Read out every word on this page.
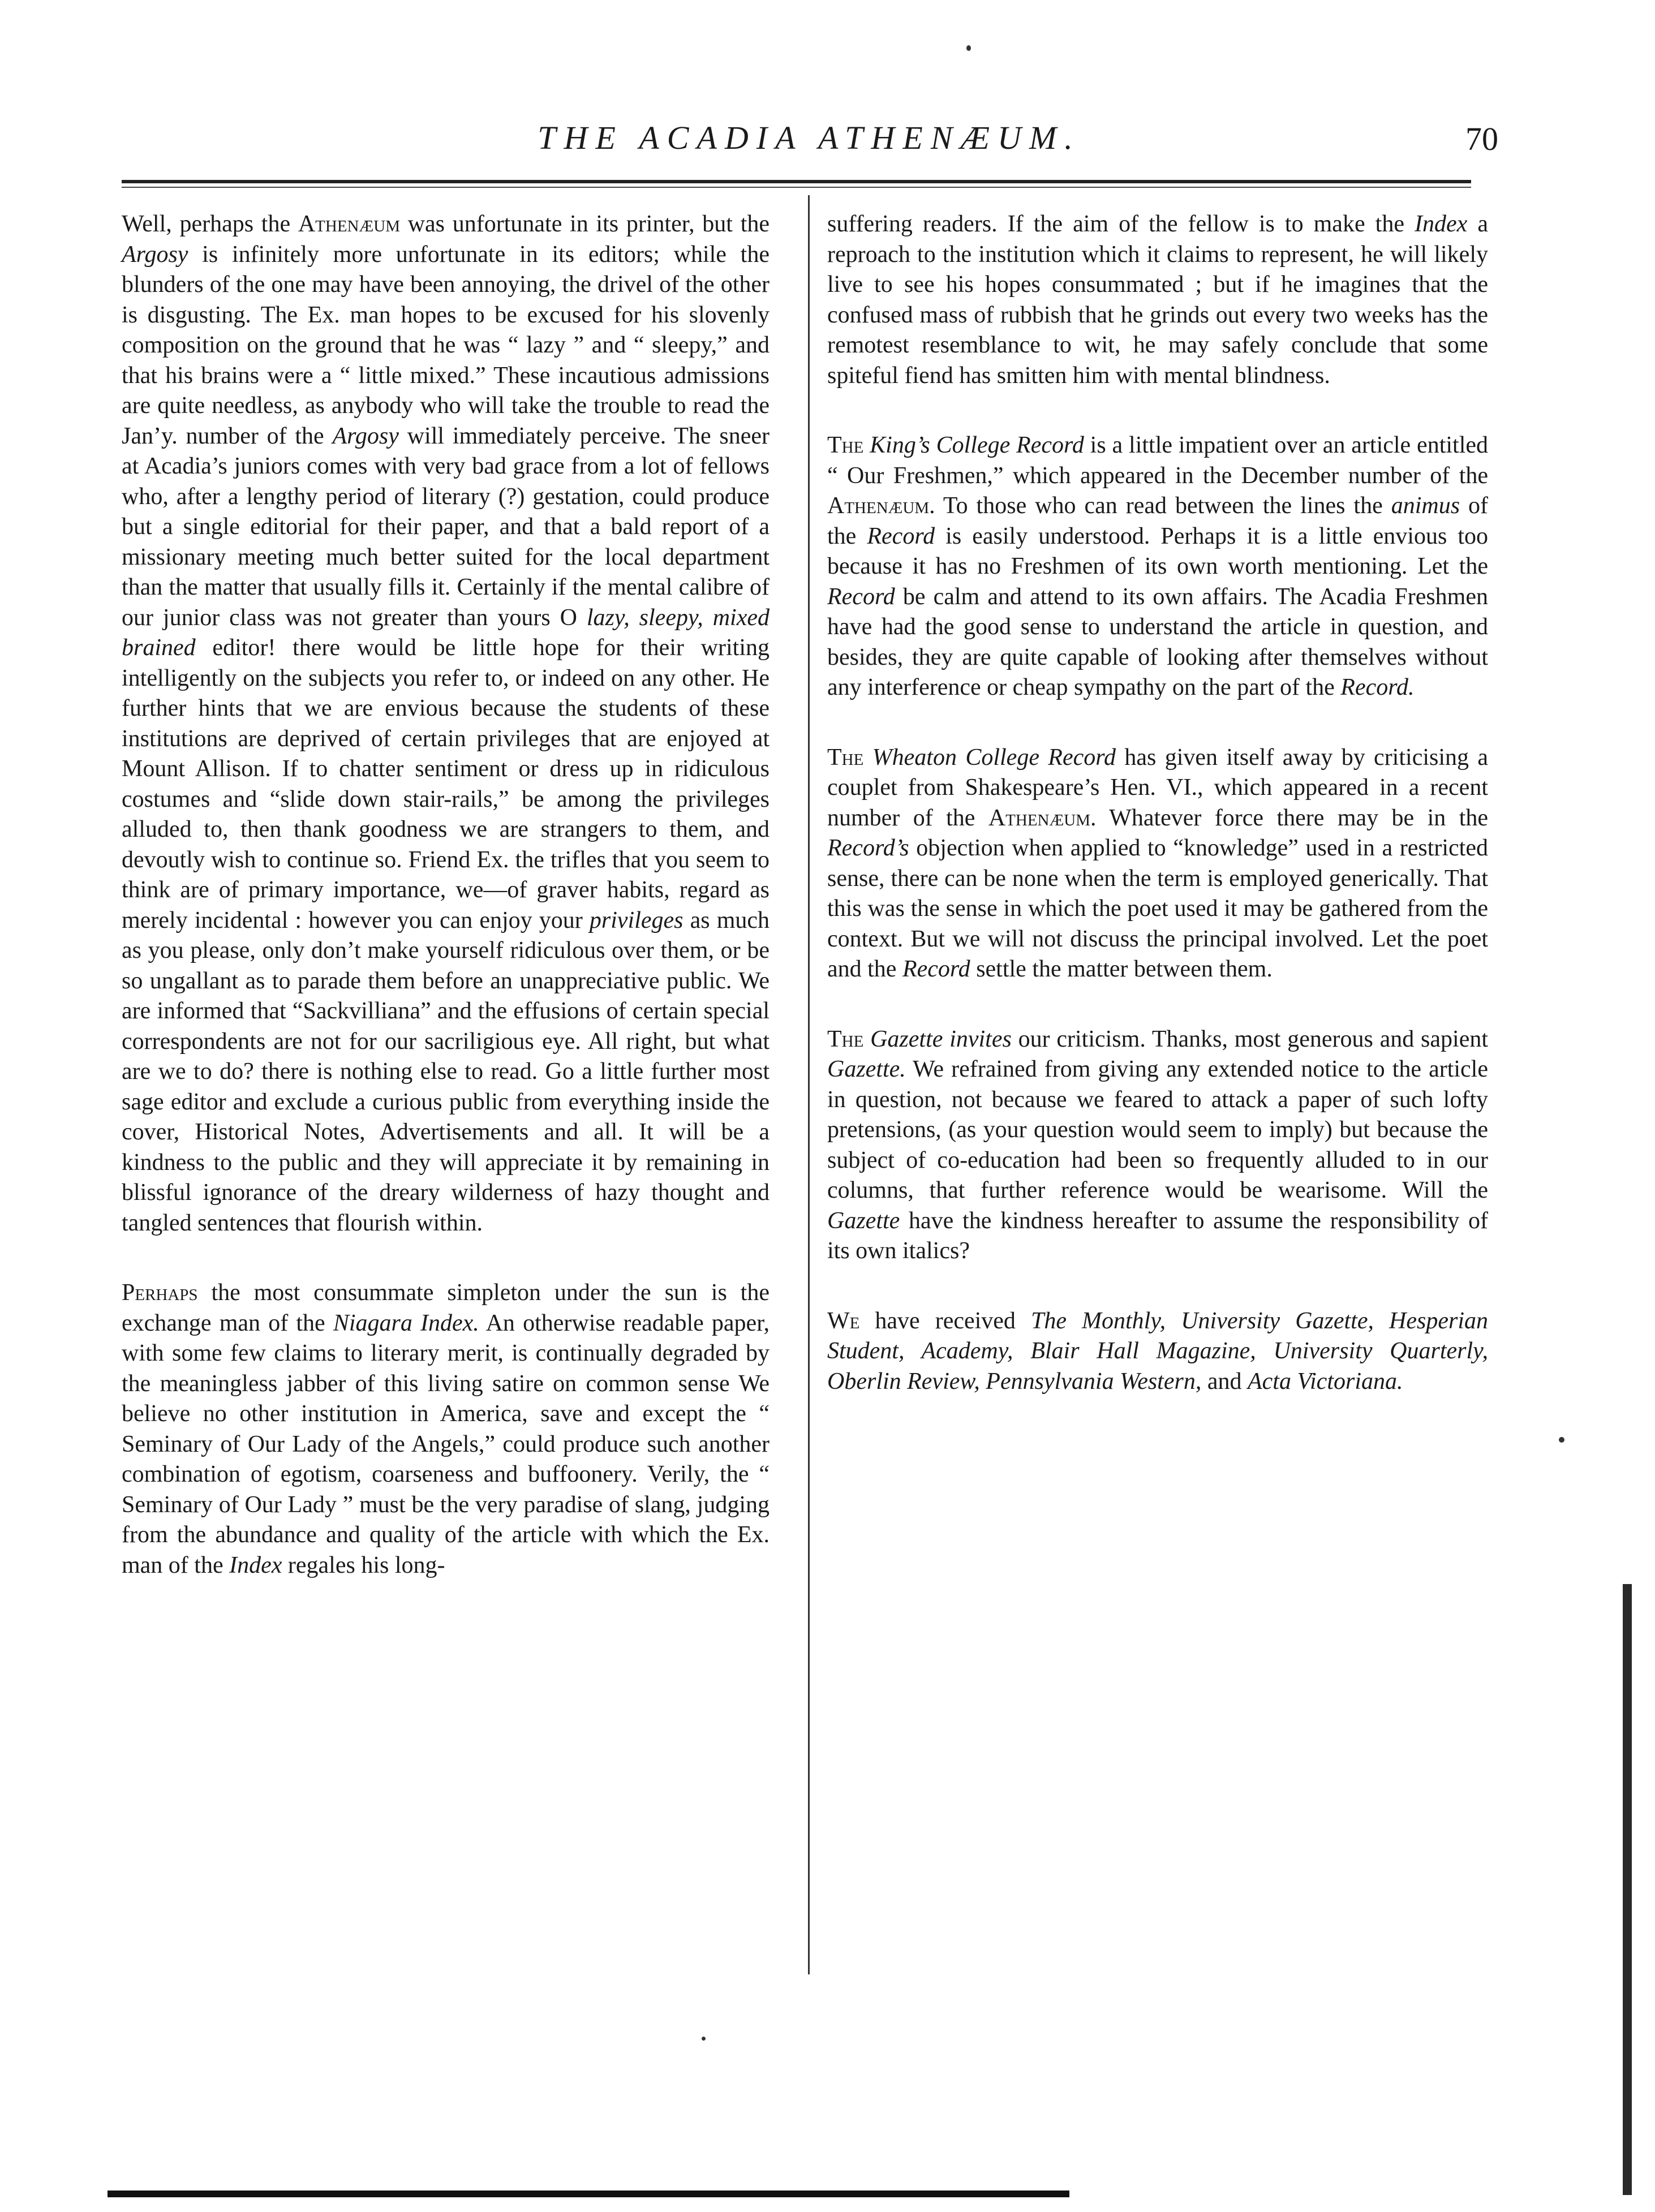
THE ACADIA ATHENÆUM.	70

Well, perhaps the Athenæum was unfortunate in its printer, but the Argosy is infinitely more unfortunate in its editors; while the blunders of the one may have been annoying, the drivel of the other is disgusting. The Ex. man hopes to be excused for his slovenly composition on the ground that he was “ lazy ” and “ sleepy,” and that his brains were a “ little mixed.” These incautious admissions are quite needless, as anybody who will take the trouble to read the Jan’y. number of the Argosy will immediately perceive. The sneer at Acadia’s juniors comes with very bad grace from a lot of fellows who, after a lengthy period of literary (?) gestation, could produce but a single editorial for their paper, and that a bald report of a missionary meeting much better suited for the local department than the matter that usually fills it. Certainly if the mental calibre of our junior class was not greater than yours O lazy, sleepy, mixed brained editor! there would be little hope for their writing intelligently on the subjects you refer to, or indeed on any other. He further hints that we are envious because the students of these institutions are deprived of certain privileges that are enjoyed at Mount Allison. If to chatter sentiment or dress up in ridiculous costumes and “slide down stair-rails,” be among the privileges alluded to, then thank goodness we are strangers to them, and devoutly wish to continue so. Friend Ex. the trifles that you seem to think are of primary importance, we—of graver habits, regard as merely incidental : however you can enjoy your privileges as much as you please, only don’t make yourself ridiculous over them, or be so ungallant as to parade them before an unappreciative public. We are informed that “Sackvilliana” and the effusions of certain special correspondents are not for our sacriligious eye. All right, but what are we to do? there is nothing else to read. Go a little further most sage editor and exclude a curious public from everything inside the cover, Historical Notes, Advertisements and all. It will be a kindness to the public and they will appreciate it by remaining in blissful ignorance of the dreary wilderness of hazy thought and tangled sentences that flourish within.

Perhaps the most consummate simpleton under the sun is the exchange man of the Niagara Index. An otherwise readable paper, with some few claims to literary merit, is continually degraded by the meaningless jabber of this living satire on common sense We believe no other institution in America, save and except the “ Seminary of Our Lady of the Angels,” could produce such another combination of egotism, coarseness and buffoonery. Verily, the “ Seminary of Our Lady ” must be the very paradise of slang, judging from the abundance and quality of the article with which the Ex. man of the Index regales his long-

suffering readers. If the aim of the fellow is to make the Index a reproach to the institution which it claims to represent, he will likely live to see his hopes consummated ; but if he imagines that the confused mass of rubbish that he grinds out every two weeks has the remotest resemblance to wit, he may safely conclude that some spiteful fiend has smitten him with mental blindness.

The King’s College Record is a little impatient over an article entitled “ Our Freshmen,” which appeared in the December number of the Athenæum. To those who can read between the lines the animus of the Record is easily understood. Perhaps it is a little envious too because it has no Freshmen of its own worth mentioning. Let the Record be calm and attend to its own affairs. The Acadia Freshmen have had the good sense to understand the article in question, and besides, they are quite capable of looking after themselves without any interference or cheap sympathy on the part of the Record.

The Wheaton College Record has given itself away by criticising a couplet from Shakespeare’s Hen. VI., which appeared in a recent number of the Athenæum. Whatever force there may be in the Record’s objection when applied to “knowledge” used in a restricted sense, there can be none when the term is employed generically. That this was the sense in which the poet used it may be gathered from the context. But we will not discuss the principal involved. Let the poet and the Record settle the matter between them.

The Gazette invites our criticism. Thanks, most generous and sapient Gazette. We refrained from giving any extended notice to the article in question, not because we feared to attack a paper of such lofty pretensions, (as your question would seem to imply) but because the subject of co-education had been so frequently alluded to in our columns, that further reference would be wearisome. Will the Gazette have the kindness hereafter to assume the responsibility of its own italics?

We have received The Monthly, University Gazette, Hesperian Student, Academy, Blair Hall Magazine, University Quarterly, Oberlin Review, Pennsylvania Western, and Acta Victoriana.
